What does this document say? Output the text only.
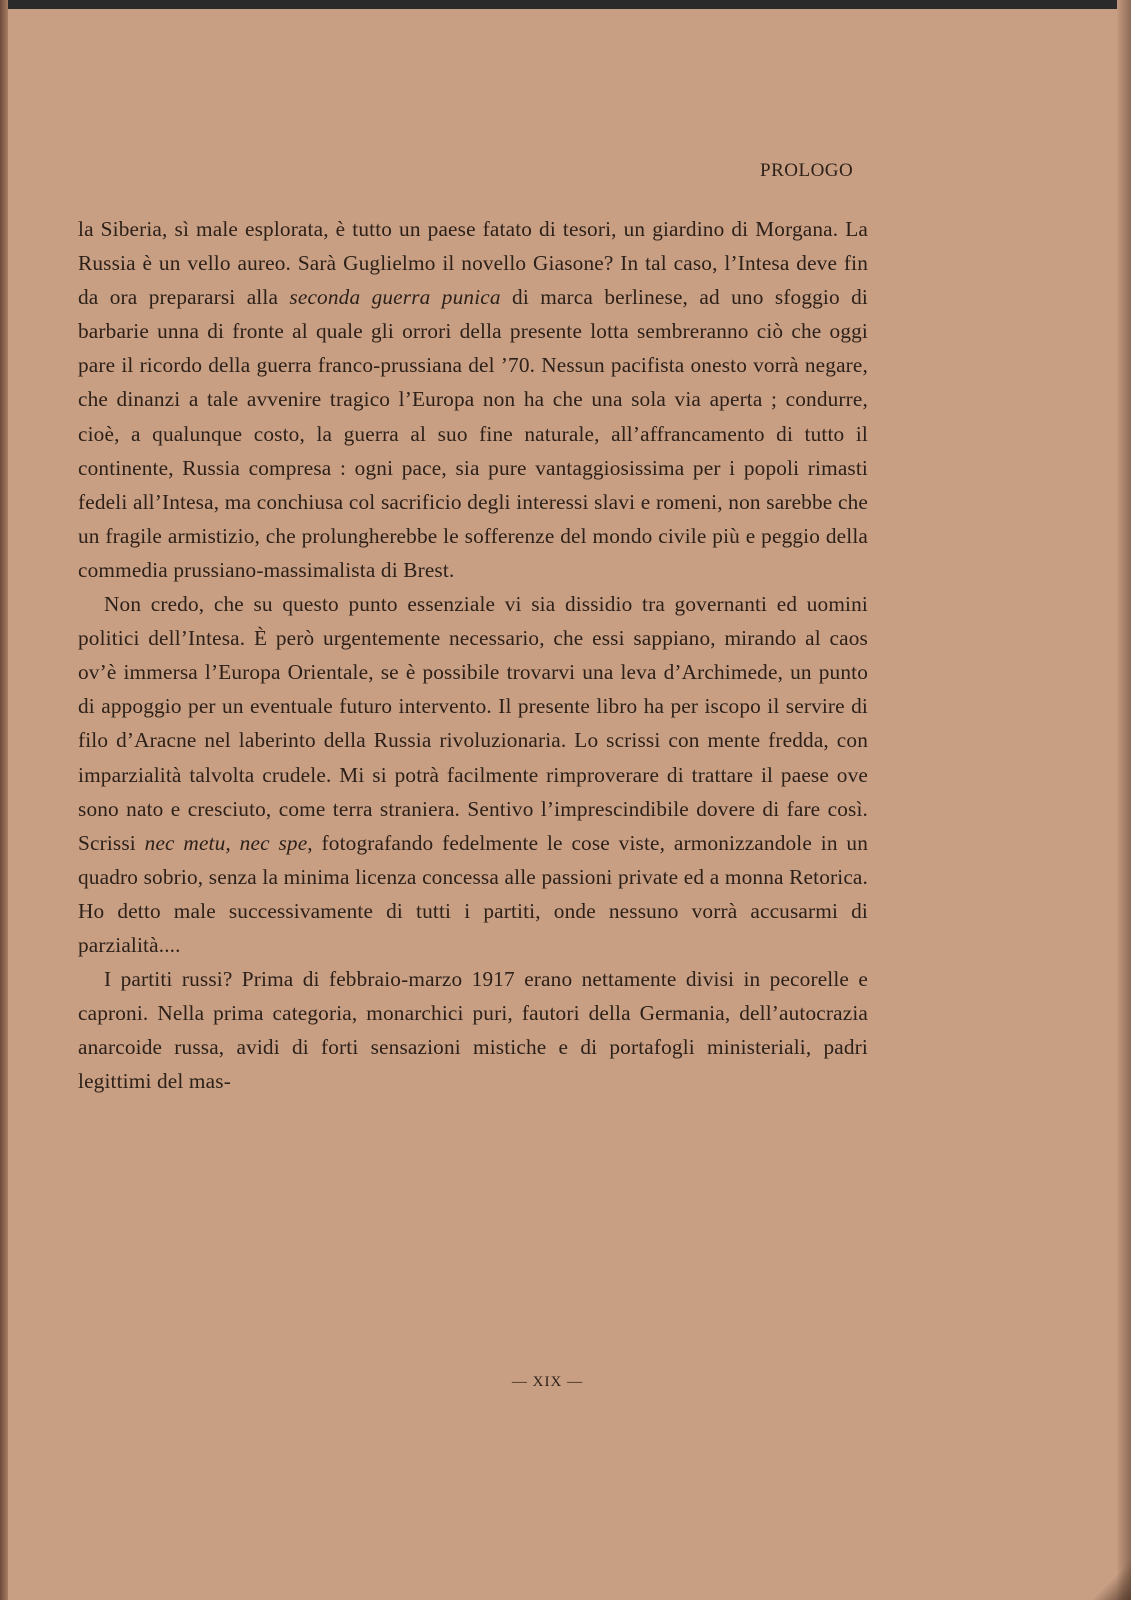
PROLOGO

la Siberia, sì male esplorata, è tutto un paese fatato di tesori, un giardino di Morgana. La Russia è un vello aureo. Sarà Guglielmo il novello Giasone? In tal caso, l’Intesa deve fin da ora prepararsi alla seconda guerra punica di marca berlinese, ad uno sfoggio di barbarie unna di fronte al quale gli orrori della presente lotta sembreranno ciò che oggi pare il ricordo della guerra franco-prussiana del ’70. Nessun pacifista onesto vorrà negare, che dinanzi a tale avvenire tragico l’Europa non ha che una sola via aperta ; condurre, cioè, a qualunque costo, la guerra al suo fine naturale, all’affrancamento di tutto il continente, Russia compresa : ogni pace, sia pure vantaggiosissima per i popoli rimasti fedeli all’Intesa, ma conchiusa col sacrificio degli interessi slavi e romeni, non sarebbe che un fragile armistizio, che prolungherebbe le sofferenze del mondo civile più e peggio della commedia prussiano-massimalista di Brest.

Non credo, che su questo punto essenziale vi sia dissidio tra governanti ed uomini politici dell’Intesa. È però urgentemente necessario, che essi sappiano, mirando al caos ov’è immersa l’Europa Orientale, se è possibile trovarvi una leva d’Archimede, un punto di appoggio per un eventuale futuro intervento. Il presente libro ha per iscopo il servire di filo d’Aracne nel laberinto della Russia rivoluzionaria. Lo scrissi con mente fredda, con imparzialità talvolta crudele. Mi si potrà facilmente rimproverare di trattare il paese ove sono nato e cresciuto, come terra straniera. Sentivo l’imprescindibile dovere di fare così. Scrissi nec metu, nec spe, fotografando fedelmente le cose viste, armonizzandole in un quadro sobrio, senza la minima licenza concessa alle passioni private ed a monna Retorica. Ho detto male successivamente di tutti i partiti, onde nessuno vorrà accusarmi di parzialità....

I partiti russi? Prima di febbraio-marzo 1917 erano nettamente divisi in pecorelle e caproni. Nella prima categoria, monarchici puri, fautori della Germania, dell’autocrazia anarcoide russa, avidi di forti sensazioni mistiche e di portafogli ministeriali, padri legittimi del mas-

— XIX —
